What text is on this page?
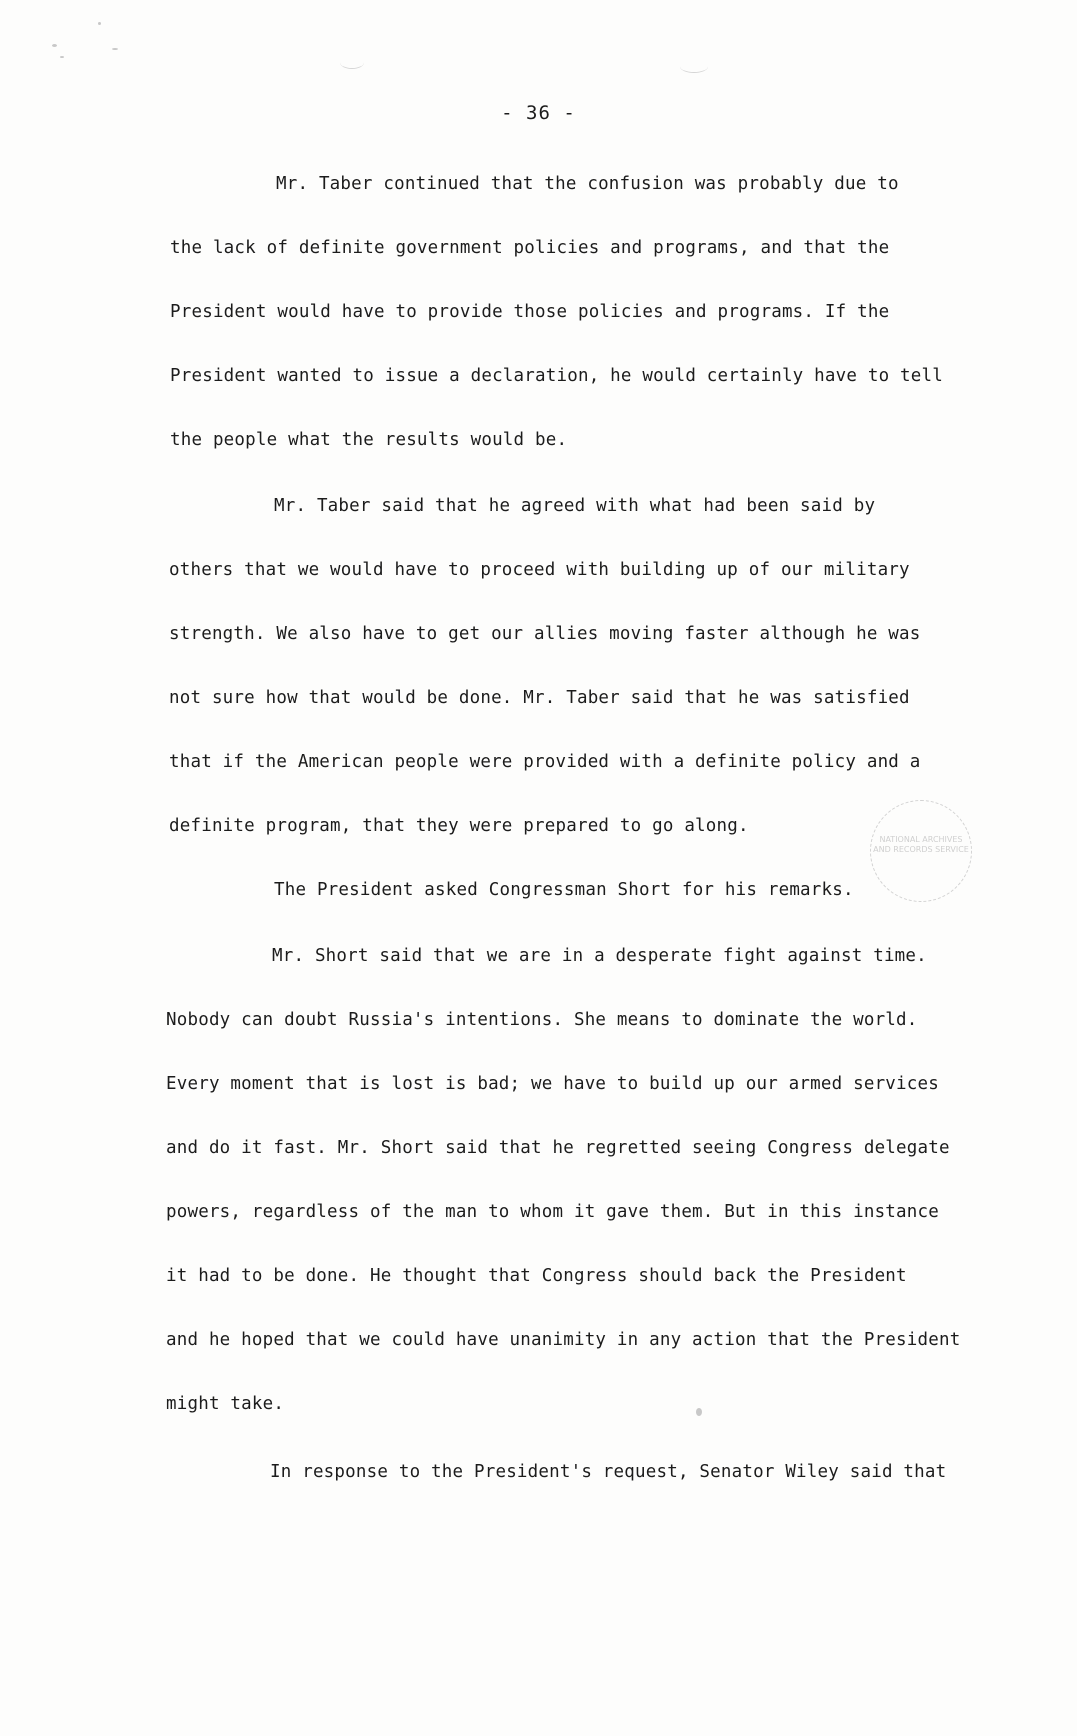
- 36 -
Mr. Taber continued that the confusion was probably due to
the lack of definite government policies and programs, and that the
President would have to provide those policies and programs. If the
President wanted to issue a declaration, he would certainly have to tell
the people what the results would be.
Mr. Taber said that he agreed with what had been said by
others that we would have to proceed with building up of our military
strength. We also have to get our allies moving faster although he was
not sure how that would be done. Mr. Taber said that he was satisfied
that if the American people were provided with a definite policy and a
definite program, that they were prepared to go along.
The President asked Congressman Short for his remarks.
Mr. Short said that we are in a desperate fight against time.
Nobody can doubt Russia's intentions. She means to dominate the world.
Every moment that is lost is bad; we have to build up our armed services
and do it fast. Mr. Short said that he regretted seeing Congress delegate
powers, regardless of the man to whom it gave them. But in this instance
it had to be done. He thought that Congress should back the President
and he hoped that we could have unanimity in any action that the President
might take.
In response to the President's request, Senator Wiley said that
NATIONAL ARCHIVES AND RECORDS SERVICE
